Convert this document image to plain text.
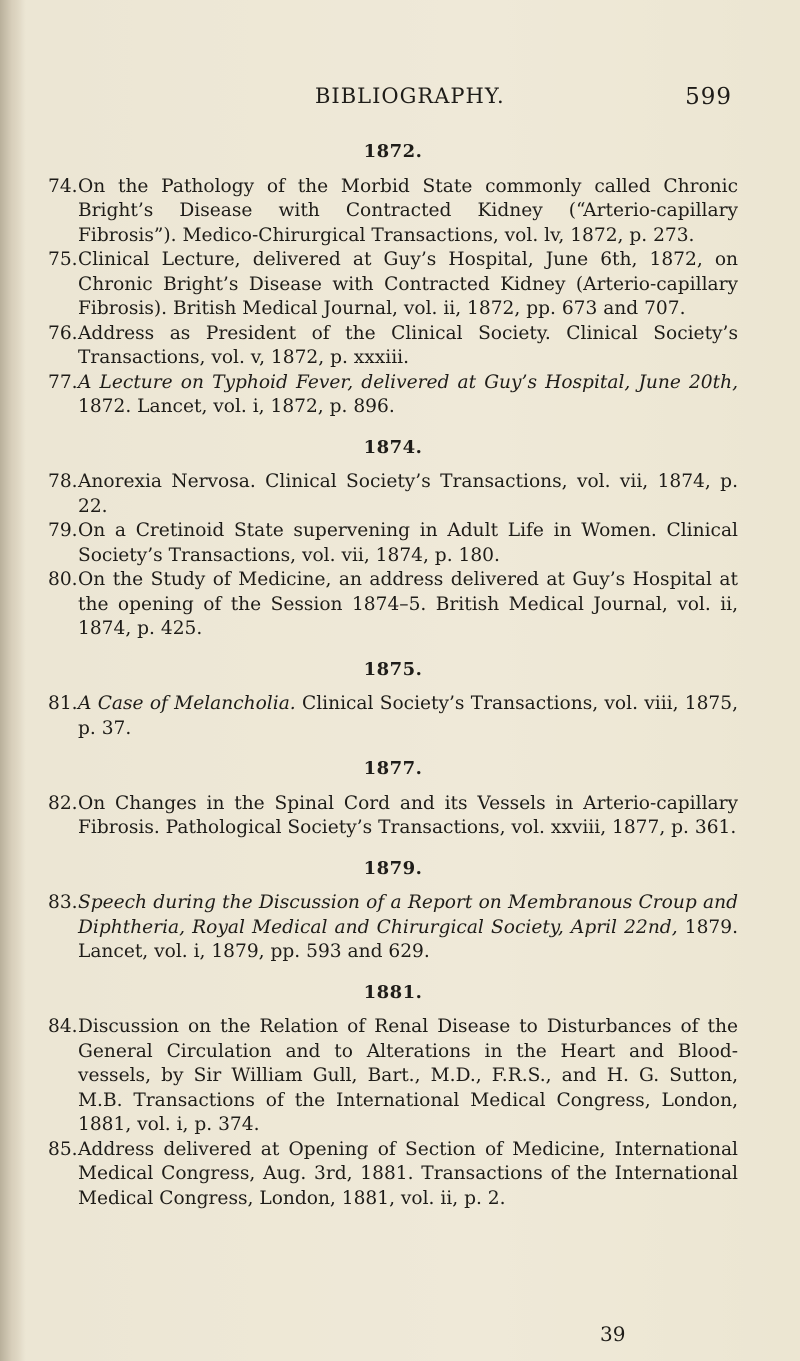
BIBLIOGRAPHY.	599
1872.
74. On the Pathology of the Morbid State commonly called Chronic Bright’s Disease with Contracted Kidney (“Arterio-capillary Fibrosis”). Medico-Chirurgical Transactions, vol. lv, 1872, p. 273.
75. Clinical Lecture, delivered at Guy’s Hospital, June 6th, 1872, on Chronic Bright’s Disease with Contracted Kidney (Arterio-capillary Fibrosis). British Medical Journal, vol. ii, 1872, pp. 673 and 707.
76. Address as President of the Clinical Society. Clinical Society’s Transactions, vol. v, 1872, p. xxxiii.
77. A Lecture on Typhoid Fever, delivered at Guy’s Hospital, June 20th, 1872. Lancet, vol. i, 1872, p. 896.
1874.
78. Anorexia Nervosa. Clinical Society’s Transactions, vol. vii, 1874, p. 22.
79. On a Cretinoid State supervening in Adult Life in Women. Clinical Society’s Transactions, vol. vii, 1874, p. 180.
80. On the Study of Medicine, an address delivered at Guy’s Hospital at the opening of the Session 1874–5. British Medical Journal, vol. ii, 1874, p. 425.
1875.
81. A Case of Melancholia. Clinical Society’s Transactions, vol. viii, 1875, p. 37.
1877.
82. On Changes in the Spinal Cord and its Vessels in Arterio-capillary Fibrosis. Pathological Society’s Transactions, vol. xxviii, 1877, p. 361.
1879.
83. Speech during the Discussion of a Report on Membranous Croup and Diphtheria, Royal Medical and Chirurgical Society, April 22nd, 1879. Lancet, vol. i, 1879, pp. 593 and 629.
1881.
84. Discussion on the Relation of Renal Disease to Disturbances of the General Circulation and to Alterations in the Heart and Blood-vessels, by Sir William Gull, Bart., M.D., F.R.S., and H. G. Sutton, M.B. Transactions of the International Medical Congress, London, 1881, vol. i, p. 374.
85. Address delivered at Opening of Section of Medicine, International Medical Congress, Aug. 3rd, 1881. Transactions of the International Medical Congress, London, 1881, vol. ii, p. 2.
39
